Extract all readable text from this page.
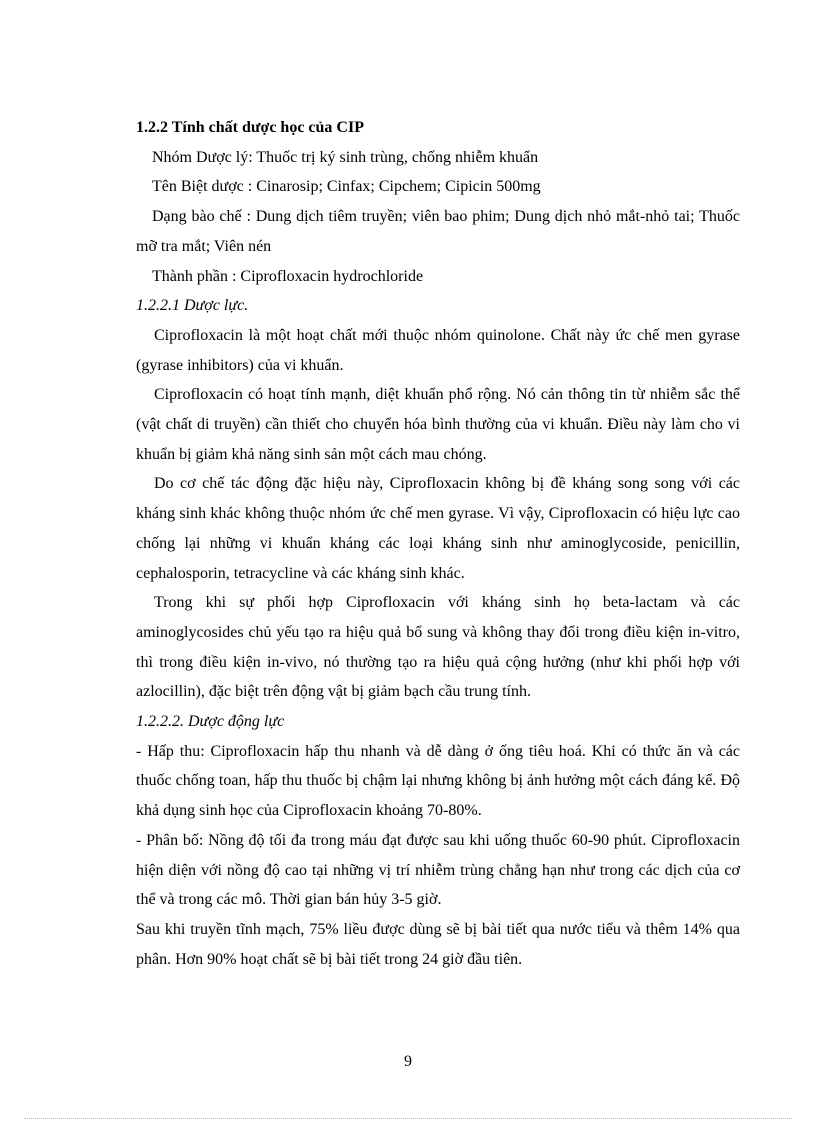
1.2.2 Tính chất dược học của CIP

Nhóm Dược lý: Thuốc trị ký sinh trùng, chống nhiễm khuẩn

Tên Biệt dược : Cinarosip; Cinfax; Cipchem; Cipicin 500mg

Dạng bào chế : Dung dịch tiêm truyền; viên bao phim; Dung dịch nhỏ mắt-nhỏ tai; Thuốc mỡ tra mắt; Viên nén

Thành phần : Ciprofloxacin hydrochloride

1.2.2.1 Dược lực.

Ciprofloxacin là một hoạt chất mới thuộc nhóm quinolone. Chất này ức chế men gyrase (gyrase inhibitors) của vi khuẩn.

Ciprofloxacin có hoạt tính mạnh, diệt khuẩn phổ rộng. Nó cản thông tin từ nhiễm sắc thể (vật chất di truyền) cần thiết cho chuyển hóa bình thường của vi khuẩn. Điều này làm cho vi khuẩn bị giảm khả năng sinh sản một cách mau chóng.

Do cơ chế tác động đặc hiệu này, Ciprofloxacin không bị đề kháng song song với các kháng sinh khác không thuộc nhóm ức chế men gyrase. Vì vậy, Ciprofloxacin có hiệu lực cao chống lại những vi khuẩn kháng các loại kháng sinh như aminoglycoside, penicillin, cephalosporin, tetracycline và các kháng sinh khác.

Trong khi sự phối hợp Ciprofloxacin với kháng sinh họ beta-lactam và các aminoglycosides chủ yếu tạo ra hiệu quả bổ sung và không thay đổi trong điều kiện in-vitro, thì trong điều kiện in-vivo, nó thường tạo ra hiệu quả cộng hưởng (như khi phối hợp với azlocillin), đặc biệt trên động vật bị giảm bạch cầu trung tính.

1.2.2.2. Dược động lực

- Hấp thu: Ciprofloxacin hấp thu nhanh và dễ dàng ở ống tiêu hoá. Khi có thức ăn và các thuốc chống toan, hấp thu thuốc bị chậm lại nhưng không bị ảnh hưởng một cách đáng kể. Độ khả dụng sinh học của Ciprofloxacin khoảng 70-80%.

- Phân bố: Nồng độ tối đa trong máu đạt được sau khi uống thuốc 60-90 phút. Ciprofloxacin hiện diện với nồng độ cao tại những vị trí nhiễm trùng chẳng hạn như trong các dịch của cơ thể và trong các mô. Thời gian bán hủy 3-5 giờ.

Sau khi truyền tĩnh mạch, 75% liều được dùng sẽ bị bài tiết qua nước tiểu và thêm 14% qua phân. Hơn 90% hoạt chất sẽ bị bài tiết trong 24 giờ đầu tiên.

9
